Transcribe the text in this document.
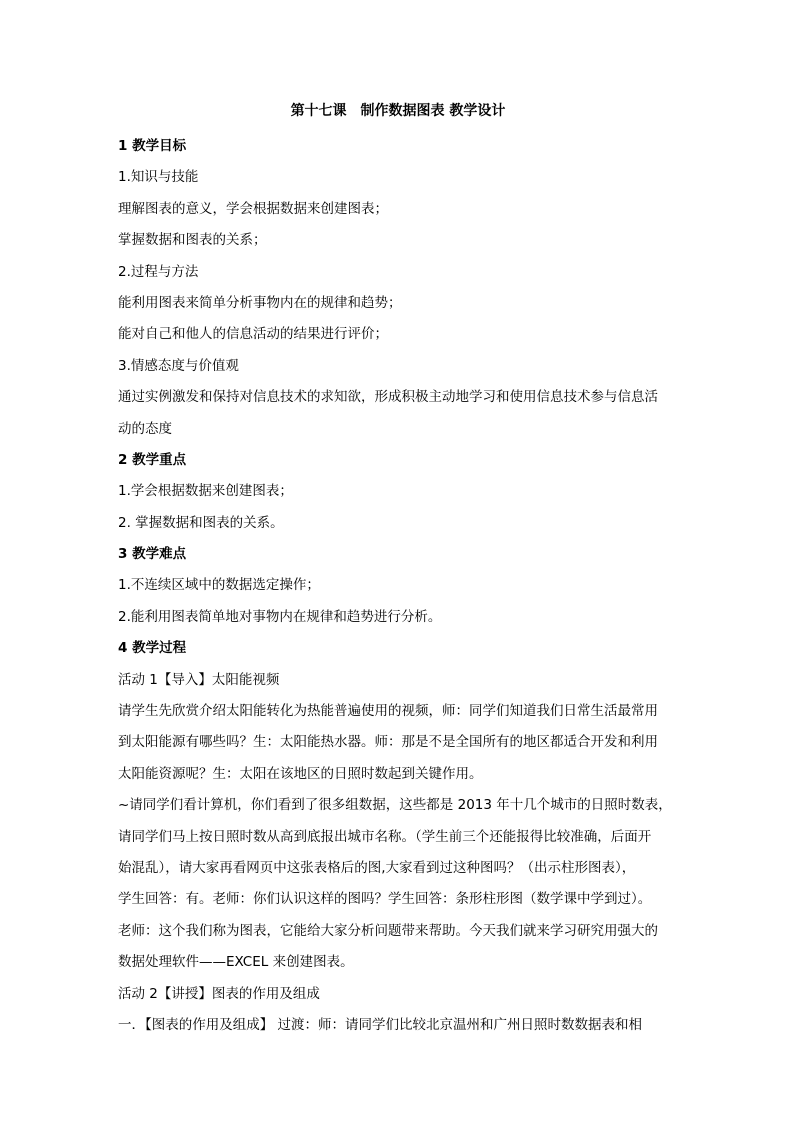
第十七课　制作数据图表 教学设计
1 教学目标
1.知识与技能
理解图表的意义，学会根据数据来创建图表；
掌握数据和图表的关系；
2.过程与方法
能利用图表来简单分析事物内在的规律和趋势；
能对自己和他人的信息活动的结果进行评价；
3.情感态度与价值观
通过实例激发和保持对信息技术的求知欲，形成积极主动地学习和使用信息技术参与信息活
动的态度
2 教学重点
1.学会根据数据来创建图表；
2. 掌握数据和图表的关系。
3 教学难点
1.不连续区域中的数据选定操作；
2.能利用图表简单地对事物内在规律和趋势进行分析。
4 教学过程
活动 1【导入】太阳能视频
请学生先欣赏介绍太阳能转化为热能普遍使用的视频，师：同学们知道我们日常生活最常用
到太阳能源有哪些吗？生：太阳能热水器。师：那是不是全国所有的地区都适合开发和利用
太阳能资源呢？生：太阳在该地区的日照时数起到关键作用。
~请同学们看计算机，你们看到了很多组数据，这些都是 2013 年十几个城市的日照时数表，
请同学们马上按日照时数从高到底报出城市名称。（学生前三个还能报得比较准确，后面开
始混乱），请大家再看网页中这张表格后的图,大家看到过这种图吗？（出示柱形图表），
学生回答：有。老师：你们认识这样的图吗？学生回答：条形柱形图（数学课中学到过）。
老师：这个我们称为图表，它能给大家分析问题带来帮助。今天我们就来学习研究用强大的
数据处理软件——EXCEL 来创建图表。
活动 2【讲授】图表的作用及组成
一．【图表的作用及组成】 过渡：师：请同学们比较北京温州和广州日照时数数据表和相
